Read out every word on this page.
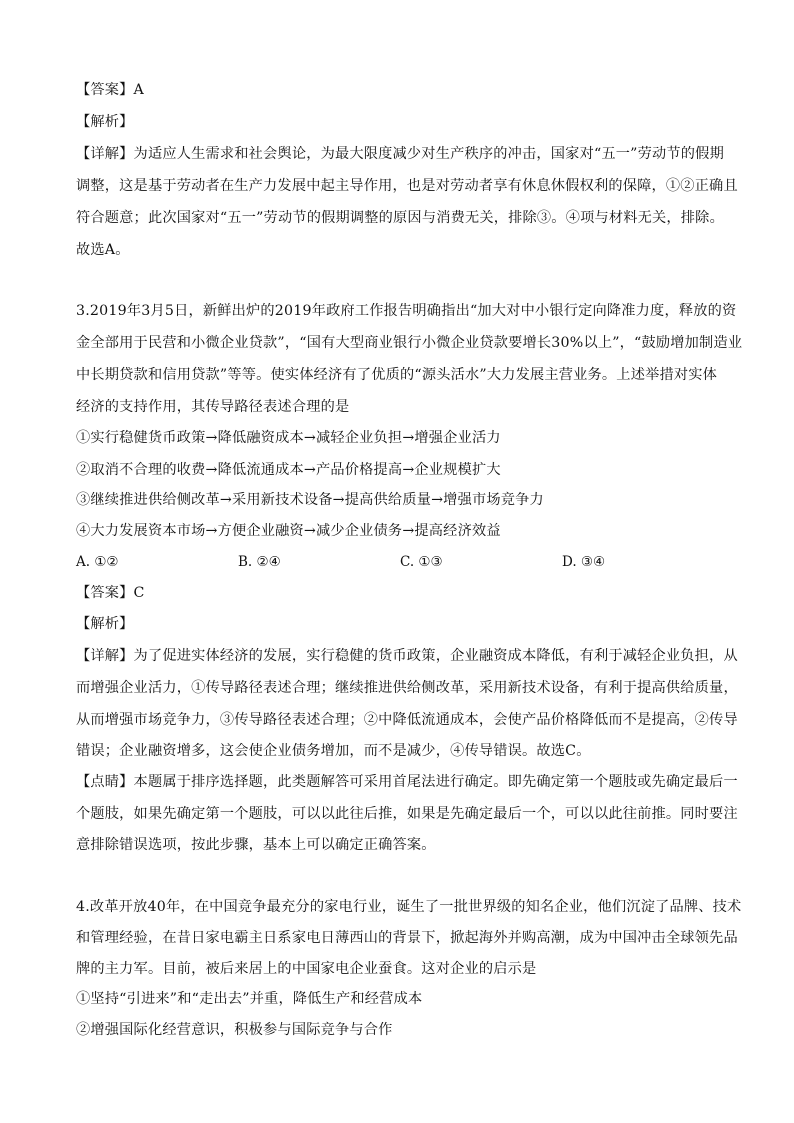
【答案】A
【解析】
【详解】为适应人生需求和社会舆论，为最大限度减少对生产秩序的冲击，国家对“五一”劳动节的假期
调整，这是基于劳动者在生产力发展中起主导作用，也是对劳动者享有休息休假权利的保障，①②正确且
符合题意；此次国家对“五一”劳动节的假期调整的原因与消费无关，排除③。④项与材料无关，排除。
故选A。
3.2019年3月5日，新鲜出炉的2019年政府工作报告明确指出“加大对中小银行定向降准力度，释放的资
金全部用于民营和小微企业贷款”，“国有大型商业银行小微企业贷款要增长30%以上”，“鼓励增加制造业
中长期贷款和信用贷款”等等。使实体经济有了优质的“源头活水”大力发展主营业务。上述举措对实体
经济的支持作用，其传导路径表述合理的是
①实行稳健货币政策→降低融资成本→减轻企业负担→增强企业活力
②取消不合理的收费→降低流通成本→产品价格提高→企业规模扩大
③继续推进供给侧改革→采用新技术设备→提高供给质量→增强市场竞争力
④大力发展资本市场→方便企业融资→减少企业债务→提高经济效益
A. ①②	B. ②④	C. ①③	D. ③④
【答案】C
【解析】
【详解】为了促进实体经济的发展，实行稳健的货币政策，企业融资成本降低，有利于减轻企业负担，从
而增强企业活力，①传导路径表述合理；继续推进供给侧改革，采用新技术设备，有利于提高供给质量，
从而增强市场竞争力，③传导路径表述合理；②中降低流通成本，会使产品价格降低而不是提高，②传导
错误；企业融资增多，这会使企业债务增加，而不是减少，④传导错误。故选C。
【点睛】本题属于排序选择题，此类题解答可采用首尾法进行确定。即先确定第一个题肢或先确定最后一
个题肢，如果先确定第一个题肢，可以以此往后推，如果是先确定最后一个，可以以此往前推。同时要注
意排除错误选项，按此步骤，基本上可以确定正确答案。
4.改革开放40年，在中国竞争最充分的家电行业，诞生了一批世界级的知名企业，他们沉淀了品牌、技术
和管理经验，在昔日家电霸主日系家电日薄西山的背景下，掀起海外并购高潮，成为中国冲击全球领先品
牌的主力军。目前，被后来居上的中国家电企业蚕食。这对企业的启示是
①坚持“引进来”和“走出去”并重，降低生产和经营成本
②增强国际化经营意识，积极参与国际竞争与合作
